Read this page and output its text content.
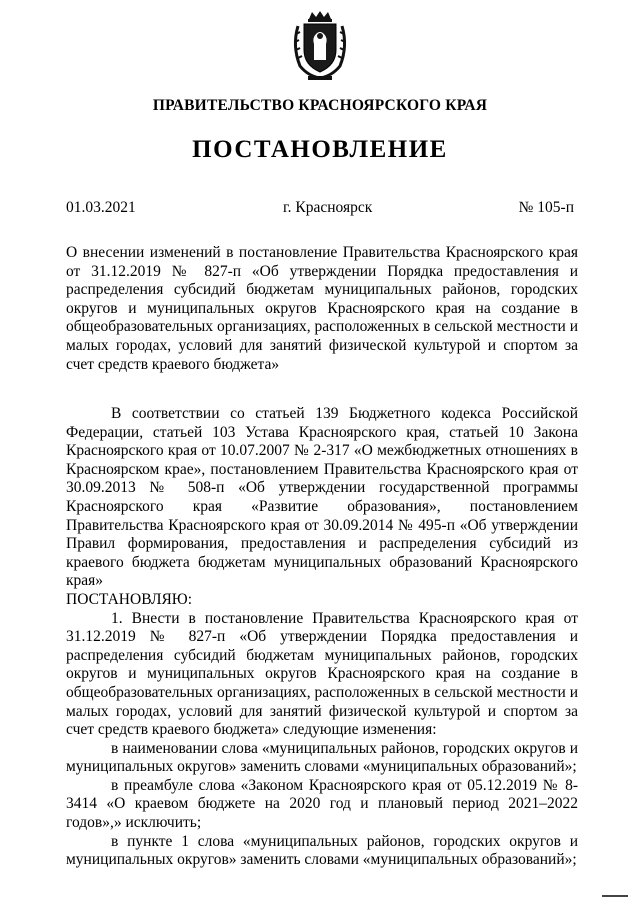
ПРАВИТЕЛЬСТВО КРАСНОЯРСКОГО КРАЯ
ПОСТАНОВЛЕНИЕ
01.03.2021	г. Красноярск	№ 105-п

О внесении изменений в постановление Правительства Красноярского края от 31.12.2019 № 827-п «Об утверждении Порядка предоставления и распределения субсидий бюджетам муниципальных районов, городских округов и муниципальных округов Красноярского края на создание в общеобразовательных организациях, расположенных в сельской местности и малых городах, условий для занятий физической культурой и спортом за счет средств краевого бюджета»

В соответствии со статьей 139 Бюджетного кодекса Российской Федерации, статьей 103 Устава Красноярского края, статьей 10 Закона Красноярского края от 10.07.2007 № 2-317 «О межбюджетных отношениях в Красноярском крае», постановлением Правительства Красноярского края от 30.09.2013 № 508-п «Об утверждении государственной программы Красноярского края «Развитие образования», постановлением Правительства Красноярского края от 30.09.2014 № 495-п «Об утверждении Правил формирования, предоставления и распределения субсидий из краевого бюджета бюджетам муниципальных образований Красноярского края»

ПОСТАНОВЛЯЮ:

1. Внести в постановление Правительства Красноярского края от 31.12.2019 № 827-п «Об утверждении Порядка предоставления и распределения субсидий бюджетам муниципальных районов, городских округов и муниципальных округов Красноярского края на создание в общеобразовательных организациях, расположенных в сельской местности и малых городах, условий для занятий физической культурой и спортом за счет средств краевого бюджета» следующие изменения:

в наименовании слова «муниципальных районов, городских округов и муниципальных округов» заменить словами «муниципальных образований»;

в преамбуле слова «Законом Красноярского края от 05.12.2019 № 8-3414 «О краевом бюджете на 2020 год и плановый период 2021–2022 годов»,» исключить;

в пункте 1 слова «муниципальных районов, городских округов и муниципальных округов» заменить словами «муниципальных образований»;
